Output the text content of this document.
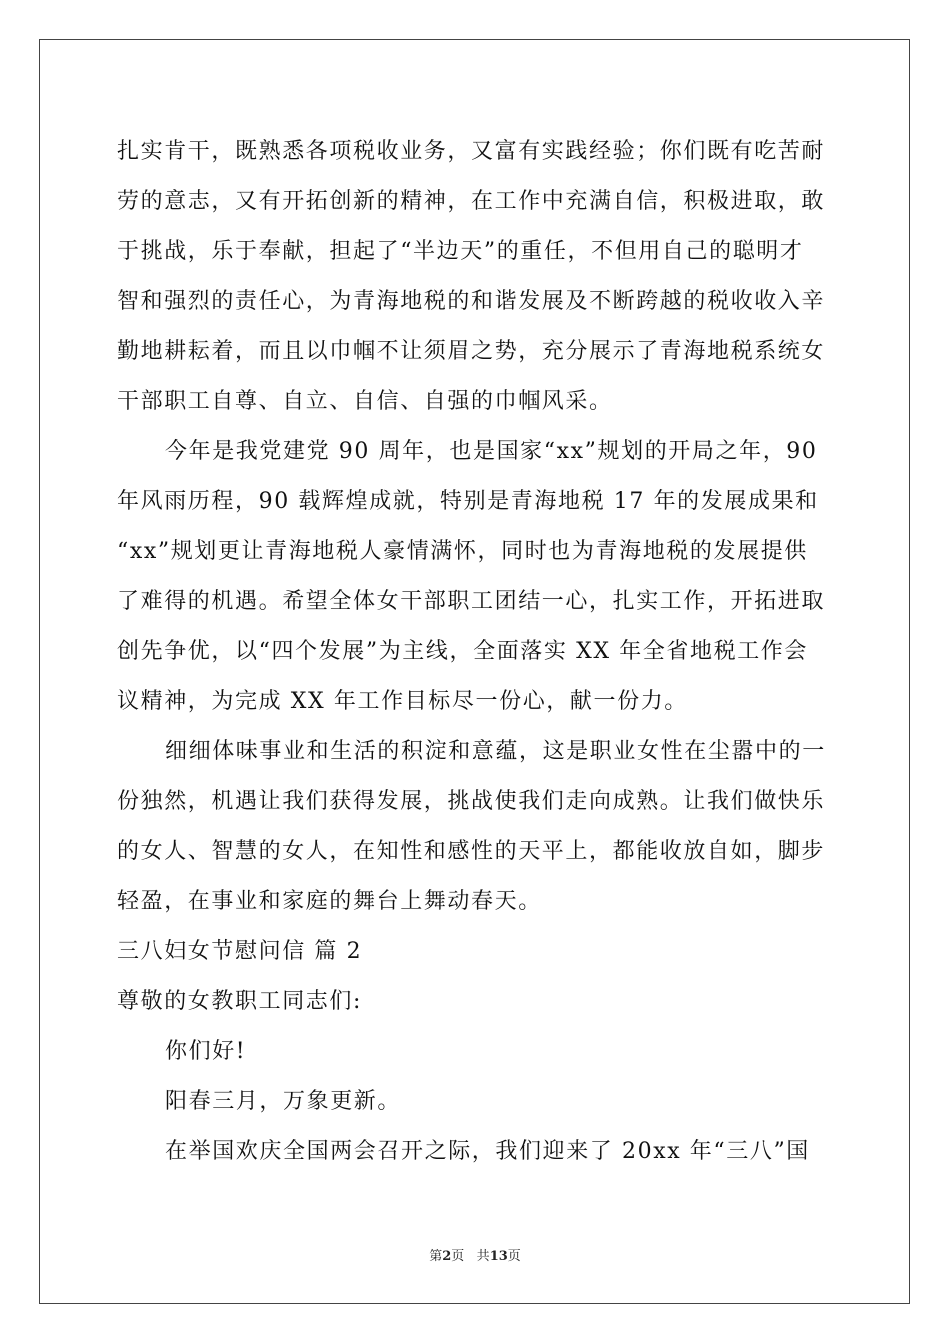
扎实肯干，既熟悉各项税收业务，又富有实践经验；你们既有吃苦耐
劳的意志，又有开拓创新的精神，在工作中充满自信，积极进取，敢
于挑战，乐于奉献，担起了“半边天”的重任，不但用自己的聪明才
智和强烈的责任心，为青海地税的和谐发展及不断跨越的税收收入辛
勤地耕耘着，而且以巾帼不让须眉之势，充分展示了青海地税系统女
干部职工自尊、自立、自信、自强的巾帼风采。
今年是我党建党 90 周年，也是国家“xx”规划的开局之年，90
年风雨历程，90 载辉煌成就，特别是青海地税 17 年的发展成果和
“xx”规划更让青海地税人豪情满怀，同时也为青海地税的发展提供
了难得的机遇。希望全体女干部职工团结一心，扎实工作，开拓进取
创先争优，以“四个发展”为主线，全面落实 XX 年全省地税工作会
议精神，为完成 XX 年工作目标尽一份心，献一份力。
细细体味事业和生活的积淀和意蕴，这是职业女性在尘嚣中的一
份独然，机遇让我们获得发展，挑战使我们走向成熟。让我们做快乐
的女人、智慧的女人，在知性和感性的天平上，都能收放自如，脚步
轻盈，在事业和家庭的舞台上舞动春天。
三八妇女节慰问信 篇 2
尊敬的女教职工同志们:
你们好!
阳春三月，万象更新。
在举国欢庆全国两会召开之际，我们迎来了 20xx 年“三八”国
第2页 共13页
